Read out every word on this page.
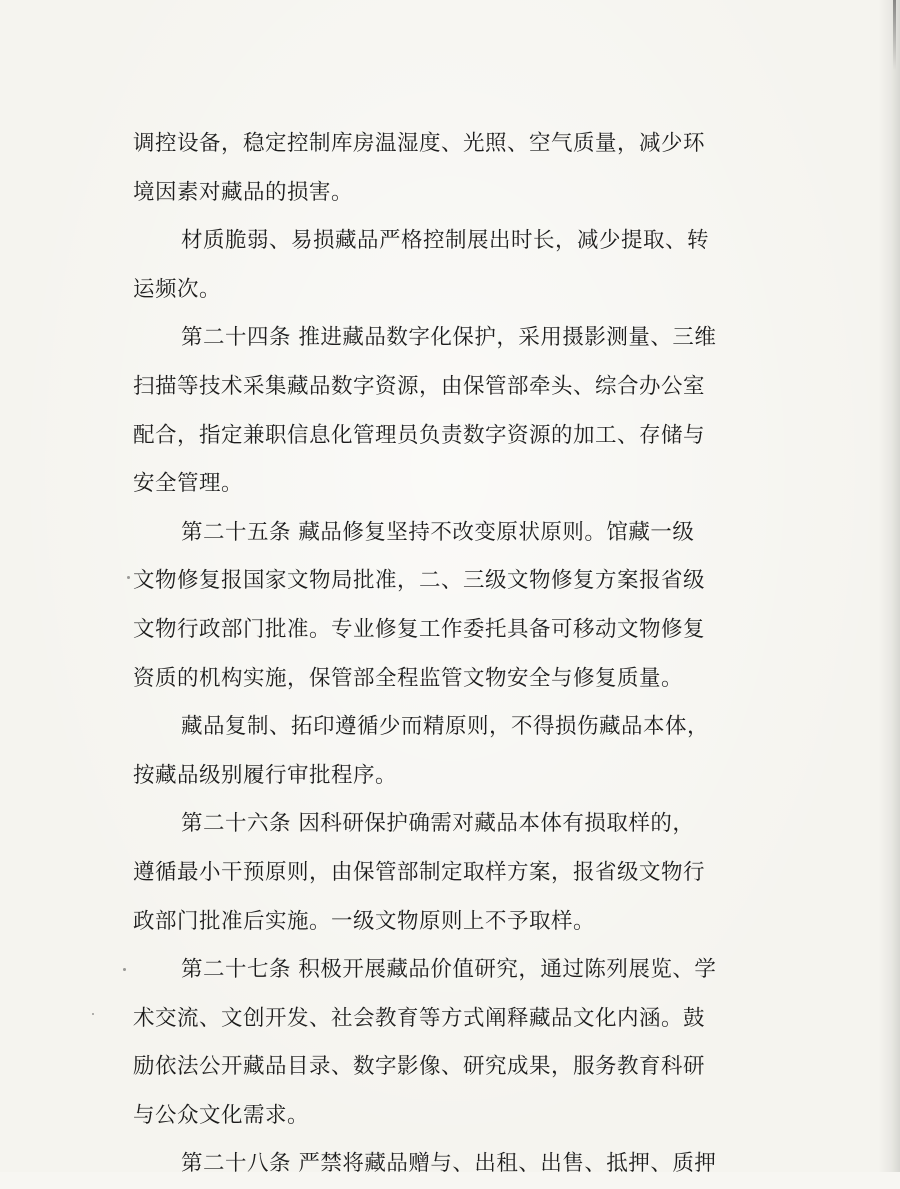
调控设备，稳定控制库房温湿度、光照、空气质量，减少环
境因素对藏品的损害。
材质脆弱、易损藏品严格控制展出时长，减少提取、转
运频次。
第二十四条 推进藏品数字化保护，采用摄影测量、三维
扫描等技术采集藏品数字资源，由保管部牵头、综合办公室
配合，指定兼职信息化管理员负责数字资源的加工、存储与
安全管理。
第二十五条 藏品修复坚持不改变原状原则。馆藏一级
文物修复报国家文物局批准，二、三级文物修复方案报省级
文物行政部门批准。专业修复工作委托具备可移动文物修复
资质的机构实施，保管部全程监管文物安全与修复质量。
藏品复制、拓印遵循少而精原则，不得损伤藏品本体，
按藏品级别履行审批程序。
第二十六条 因科研保护确需对藏品本体有损取样的，
遵循最小干预原则，由保管部制定取样方案，报省级文物行
政部门批准后实施。一级文物原则上不予取样。
第二十七条 积极开展藏品价值研究，通过陈列展览、学
术交流、文创开发、社会教育等方式阐释藏品文化内涵。鼓
励依法公开藏品目录、数字影像、研究成果，服务教育科研
与公众文化需求。
第二十八条 严禁将藏品赠与、出租、出售、抵押、质押
